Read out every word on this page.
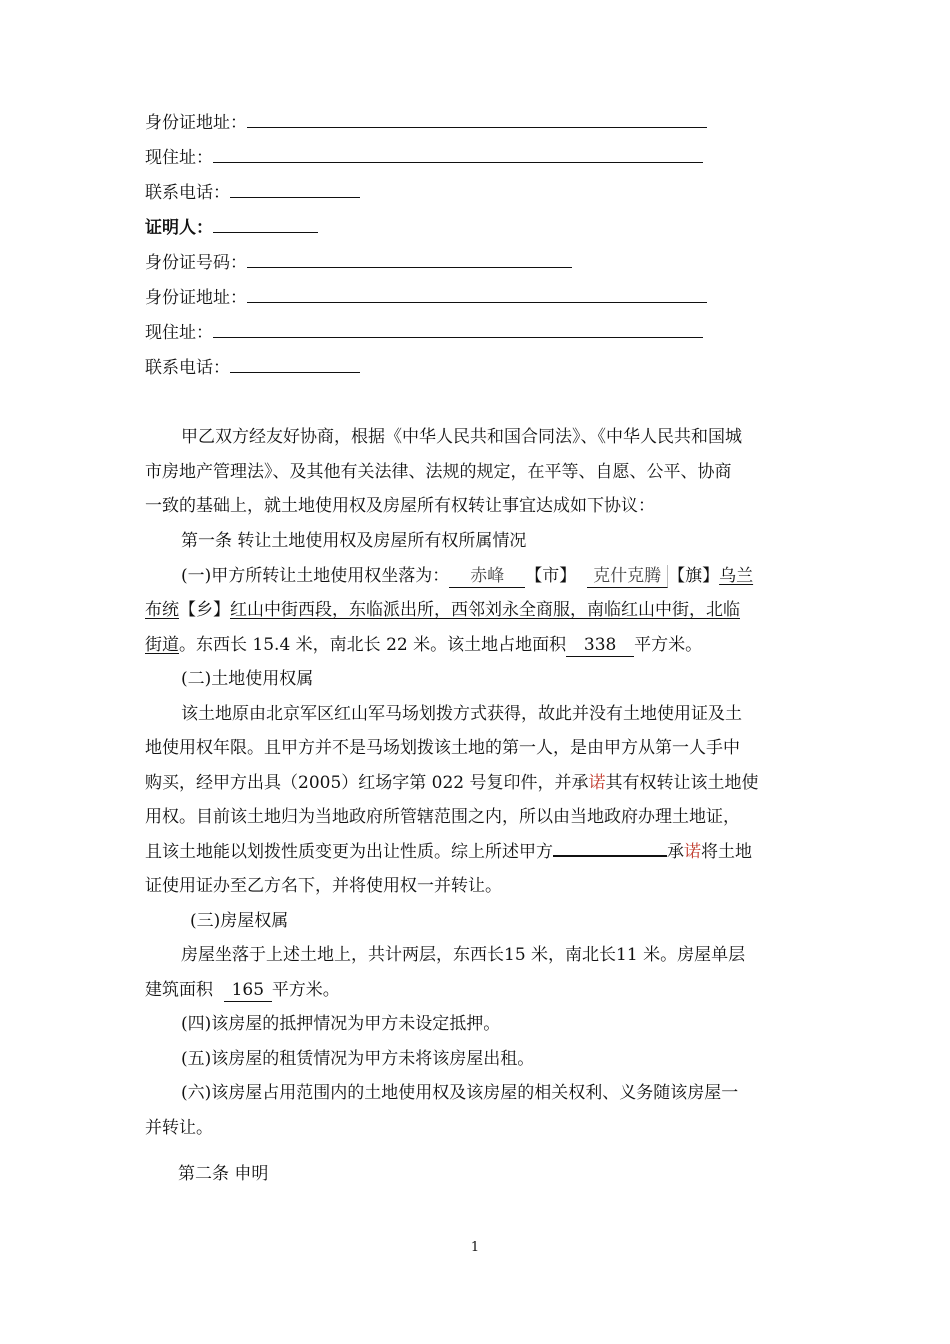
身份证地址：
现住址：
联系电话：
证明人：
身份证号码：
身份证地址：
现住址：
联系电话：
甲乙双方经友好协商，根据《中华人民共和国合同法》、《中华人民共和国城
市房地产管理法》、及其他有关法律、法规的规定，在平等、自愿、公平、协商
一致的基础上，就土地使用权及房屋所有权转让事宜达成如下协议：
第一条 转让土地使用权及房屋所有权所属情况
(一)甲方所转让土地使用权坐落为： 赤峰 【市】 克什克腾 【旗】乌兰
布统【乡】红山中街西段，东临派出所，西邻刘永全商服，南临红山中街，北临
街道。东西长 15.4 米，南北长 22 米。该土地占地面积 338 平方米。
(二)土地使用权属
该土地原由北京军区红山军马场划拨方式获得，故此并没有土地使用证及土
地使用权年限。且甲方并不是马场划拨该土地的第一人，是由甲方从第一人手中
购买，经甲方出具（2005）红场字第 022 号复印件，并承诺其有权转让该土地使
用权。目前该土地归为当地政府所管辖范围之内，所以由当地政府办理土地证，
且该土地能以划拨性质变更为出让性质。综上所述甲方	承诺将土地
证使用证办至乙方名下，并将使用权一并转让。
(三)房屋权属
房屋坐落于上述土地上，共计两层，东西长15 米，南北长11 米。房屋单层
建筑面积 165 平方米。
(四)该房屋的抵押情况为甲方未设定抵押。
(五)该房屋的租赁情况为甲方未将该房屋出租。
(六)该房屋占用范围内的土地使用权及该房屋的相关权利、义务随该房屋一
并转让。
第二条 申明
1
